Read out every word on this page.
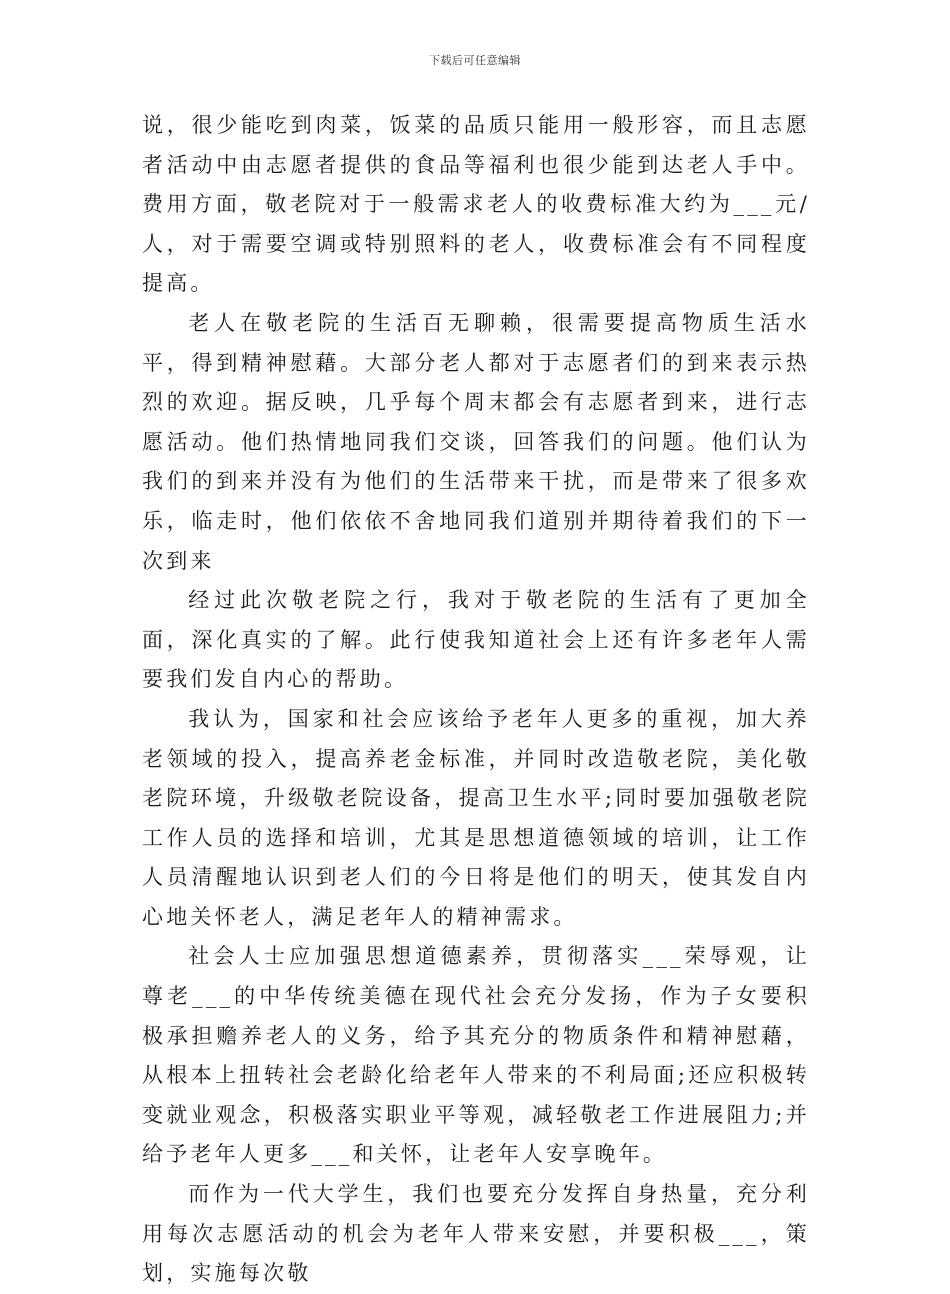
下载后可任意编辑

说，很少能吃到肉菜，饭菜的品质只能用一般形容，而且志愿者活动中由志愿者提供的食品等福利也很少能到达老人手中。费用方面，敬老院对于一般需求老人的收费标准大约为___元/人，对于需要空调或特别照料的老人，收费标准会有不同程度提高。

老人在敬老院的生活百无聊赖，很需要提高物质生活水平，得到精神慰藉。大部分老人都对于志愿者们的到来表示热烈的欢迎。据反映，几乎每个周末都会有志愿者到来，进行志愿活动。他们热情地同我们交谈，回答我们的问题。他们认为我们的到来并没有为他们的生活带来干扰，而是带来了很多欢乐，临走时，他们依依不舍地同我们道别并期待着我们的下一次到来

经过此次敬老院之行，我对于敬老院的生活有了更加全面，深化真实的了解。此行使我知道社会上还有许多老年人需要我们发自内心的帮助。

我认为，国家和社会应该给予老年人更多的重视，加大养老领域的投入，提高养老金标准，并同时改造敬老院，美化敬老院环境，升级敬老院设备，提高卫生水平;同时要加强敬老院工作人员的选择和培训，尤其是思想道德领域的培训，让工作人员清醒地认识到老人们的今日将是他们的明天，使其发自内心地关怀老人，满足老年人的精神需求。

社会人士应加强思想道德素养，贯彻落实___荣辱观，让尊老___的中华传统美德在现代社会充分发扬，作为子女要积极承担赡养老人的义务，给予其充分的物质条件和精神慰藉，从根本上扭转社会老龄化给老年人带来的不利局面;还应积极转变就业观念，积极落实职业平等观，减轻敬老工作进展阻力;并给予老年人更多___和关怀，让老年人安享晚年。

而作为一代大学生，我们也要充分发挥自身热量，充分利用每次志愿活动的机会为老年人带来安慰，并要积极___，策划，实施每次敬
